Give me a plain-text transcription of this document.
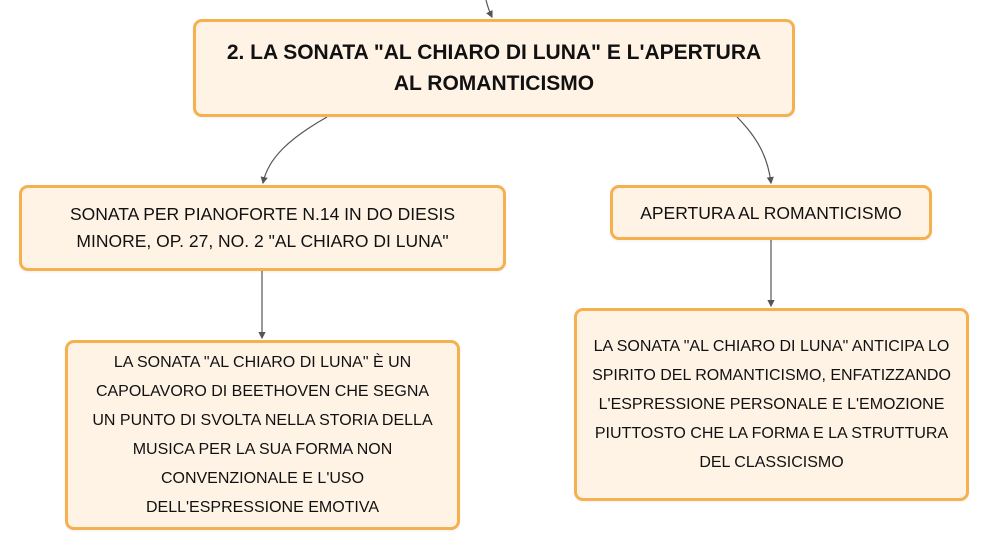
2. LA SONATA "AL CHIARO DI LUNA" E L'APERTURA AL ROMANTICISMO
SONATA PER PIANOFORTE N.14 IN DO DIESIS MINORE, OP. 27, NO. 2 "AL CHIARO DI LUNA"
APERTURA AL ROMANTICISMO
LA SONATA "AL CHIARO DI LUNA" È UN CAPOLAVORO DI BEETHOVEN CHE SEGNA UN PUNTO DI SVOLTA NELLA STORIA DELLA MUSICA PER LA SUA FORMA NON CONVENZIONALE E L'USO DELL'ESPRESSIONE EMOTIVA
LA SONATA "AL CHIARO DI LUNA" ANTICIPA LO SPIRITO DEL ROMANTICISMO, ENFATIZZANDO L'ESPRESSIONE PERSONALE E L'EMOZIONE PIUTTOSTO CHE LA FORMA E LA STRUTTURA DEL CLASSICISMO
